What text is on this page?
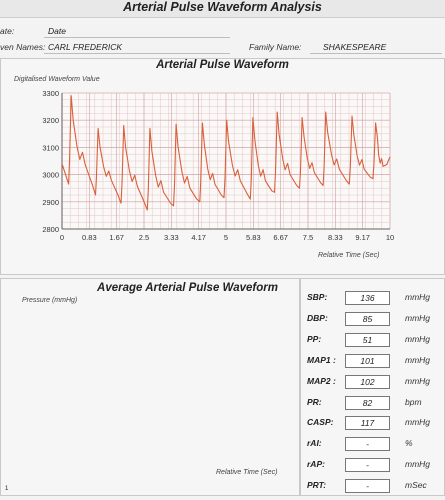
Arterial Pulse Waveform Analysis
ate:	Date
ven Names: CARL FREDERICK	Family Name:	SHAKESPEARE
Arterial Pulse Waveform
Digitalised Waveform Value
0 0.83 1.67 2.5 3.33 4.17 5 5.83 6.67 7.5 8.33 9.17 10
2800
2900
3000
3100
3200
3300
Relative Time (Sec)
Average Arterial Pulse Waveform
Pressure (mmHg)
Relative Time (Sec)
1
SBP:	136	mmHg
DBP:	85	mmHg
PP:	51	mmHg
MAP1 :	101	mmHg
MAP2 :	102	mmHg
PR:	82	bpm
CASP:	117	mmHg
rAI:	-	%
rAP:	-	mmHg
PRT:	-	mSec
